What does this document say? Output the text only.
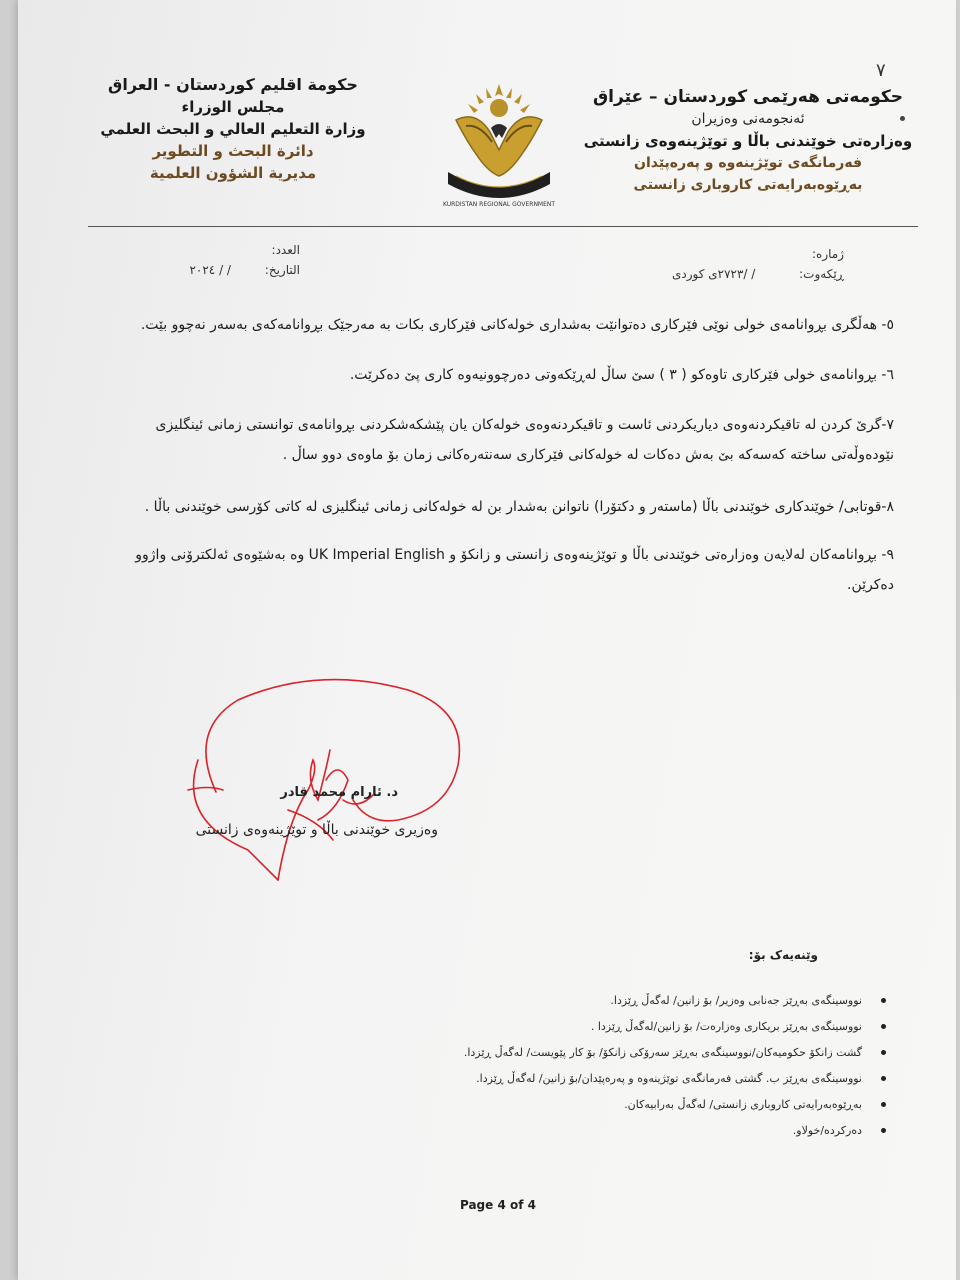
٧

حکومەتی هەرێمی کوردستان – عێراق

ئەنجومەنی وەزیران

وەزارەتی خوێندنی باڵا و توێژینەوەی زانستی

فەرمانگەی توێژینەوە و پەرەپێدان

بەڕێوەبەرایەتی کاروباری زانستی

KURDISTAN REGIONAL GOVERNMENT

حكومة اقليم كوردستان - العراق

مجلس الوزراء

وزارة التعليم العالي و البحث العلمي

دائرة البحث و التطوير

مديرية الشؤون العلمية

ژمارە:
ڕێکەوت: / /٢٧٢٣ی کوردی
العدد:
التاريخ: / / ٢٠٢٤

٥- هەڵگری بڕوانامەی خولی نوێی فێرکاری دەتوانێت بەشداری خولەکانی فێرکاری بکات بە مەرجێک بڕوانامەکەی بەسەر نەچوو بێت.

٦- بڕوانامەی خولی فێرکاری تاوەکو ( ٣ ) سێ ساڵ لەڕێکەوتی دەرچوونیەوە کاری پێ دەکرێت.

٧-گرێ کردن لە تاقیکردنەوەی دیاریکردنی ئاست و تاقیکردنەوەی خولەکان یان پێشکەشکردنی بڕوانامەی توانستی زمانی ئینگلیزی نێودەوڵەتی ساختە کەسەکە بێ بەش دەکات لە خولەکانی فێرکاری سەنتەرەکانی زمان بۆ ماوەی دوو ساڵ .

٨-قوتابی/ خوێندکاری خوێندنی باڵا (ماستەر و دکتۆرا) ناتوانن بەشدار بن لە خولەکانی زمانی ئینگلیزی لە کاتی کۆرسی خوێندنی باڵا .

٩- بڕوانامەکان لەلایەن وەزارەتی خوێندنی باڵا و توێژینەوەی زانستی و زانکۆ و UK Imperial English وە بەشێوەی ئەلکترۆنی واژوو دەکرێن.

د. ئارام محمد قادر
وەزیری خوێندنی باڵا و توێژینەوەی زانستی
وێنەیەک بۆ:
نووسینگەی بەڕێز جەنابی وەزیر/ بۆ زانین/ لەگەڵ ڕێزدا.
نووسینگەی بەڕێز بریکاری وەزارەت/ بۆ زانین/لەگەڵ ڕێزدا .
گشت زانکۆ حکومیەکان/نووسینگەی بەڕێز سەرۆکی زانکۆ/ بۆ کار پێویست/ لەگەڵ ڕێزدا.
نووسینگەی بەڕێز ب. گشتی فەرمانگەی توێژینەوە و پەرەپێدان/بۆ زانین/ لەگەڵ ڕێزدا.
بەڕێوەبەرایەتی کاروباری زانستی/ لەگەڵ بەرابیەکان.
دەرکردە/خولاو.
Page 4 of 4
